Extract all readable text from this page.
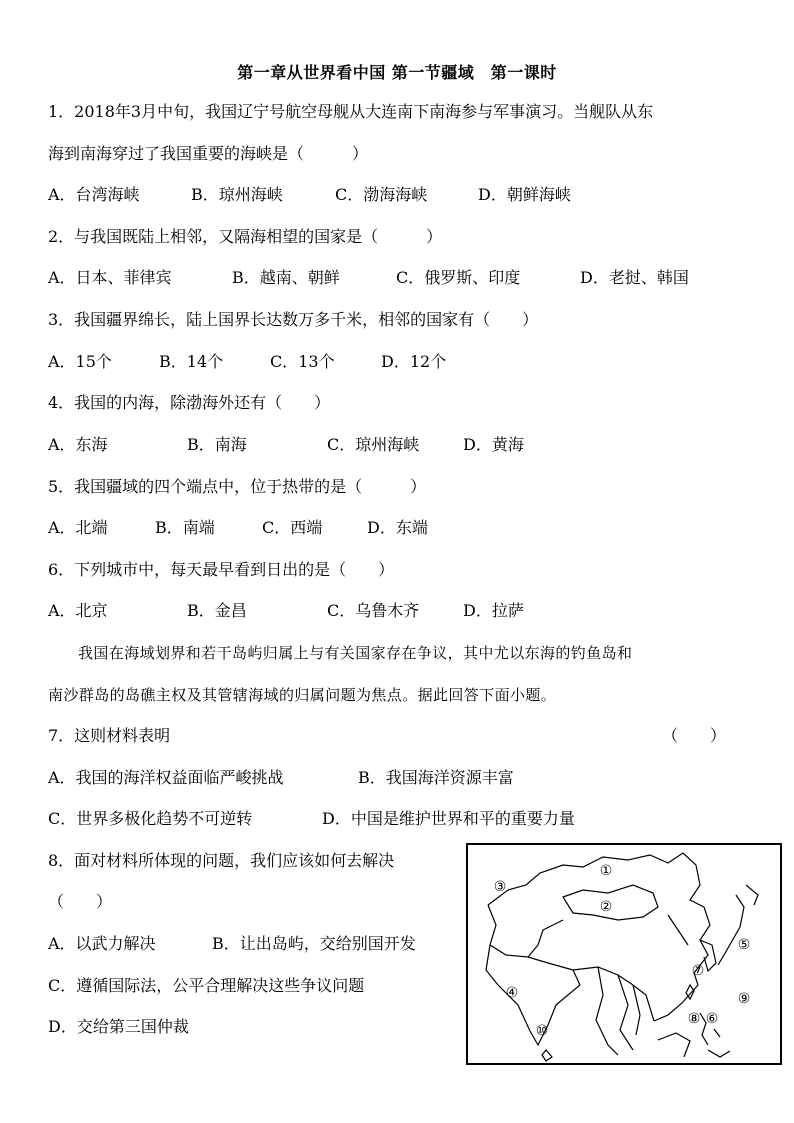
第一章从世界看中国 第一节疆域　第一课时
1．2018年3月中旬，我国辽宁号航空母舰从大连南下南海参与军事演习。当舰队从东
海到南海穿过了我国重要的海峡是（　　　）
A．台湾海峡	B．琼州海峡	C．渤海海峡	D．朝鲜海峡
2．与我国既陆上相邻，又隔海相望的国家是（　　　）
A．日本、菲律宾	B．越南、朝鲜	C．俄罗斯、印度	D．老挝、韩国
3．我国疆界绵长，陆上国界长达数万多千米，相邻的国家有（　　）
A．15个	B．14个	C．13个	D．12个
4．我国的内海，除渤海外还有（　　）
A．东海	B．南海	C．琼州海峡	D．黄海
5．我国疆域的四个端点中，位于热带的是（　　　）
A．北端	B．南端	C．西端	D．东端
6．下列城市中，每天最早看到日出的是（　　）
A．北京	B．金昌	C．乌鲁木齐	D．拉萨
我国在海域划界和若干岛屿归属上与有关国家存在争议，其中尤以东海的钓鱼岛和
南沙群岛的岛礁主权及其管辖海域的归属问题为焦点。据此回答下面小题。
7．这则材料表明	（　　）
A．我国的海洋权益面临严峻挑战	B．我国海洋资源丰富
C．世界多极化趋势不可逆转	D．中国是维护世界和平的重要力量
8．面对材料所体现的问题，我们应该如何去解决
（　　）
A．以武力解决	B．让出岛屿，交给别国开发
C．遵循国际法，公平合理解决这些争议问题
D．交给第三国仲裁
①
②
③
④
⑤
⑥
⑦
⑧
⑨
⑩
